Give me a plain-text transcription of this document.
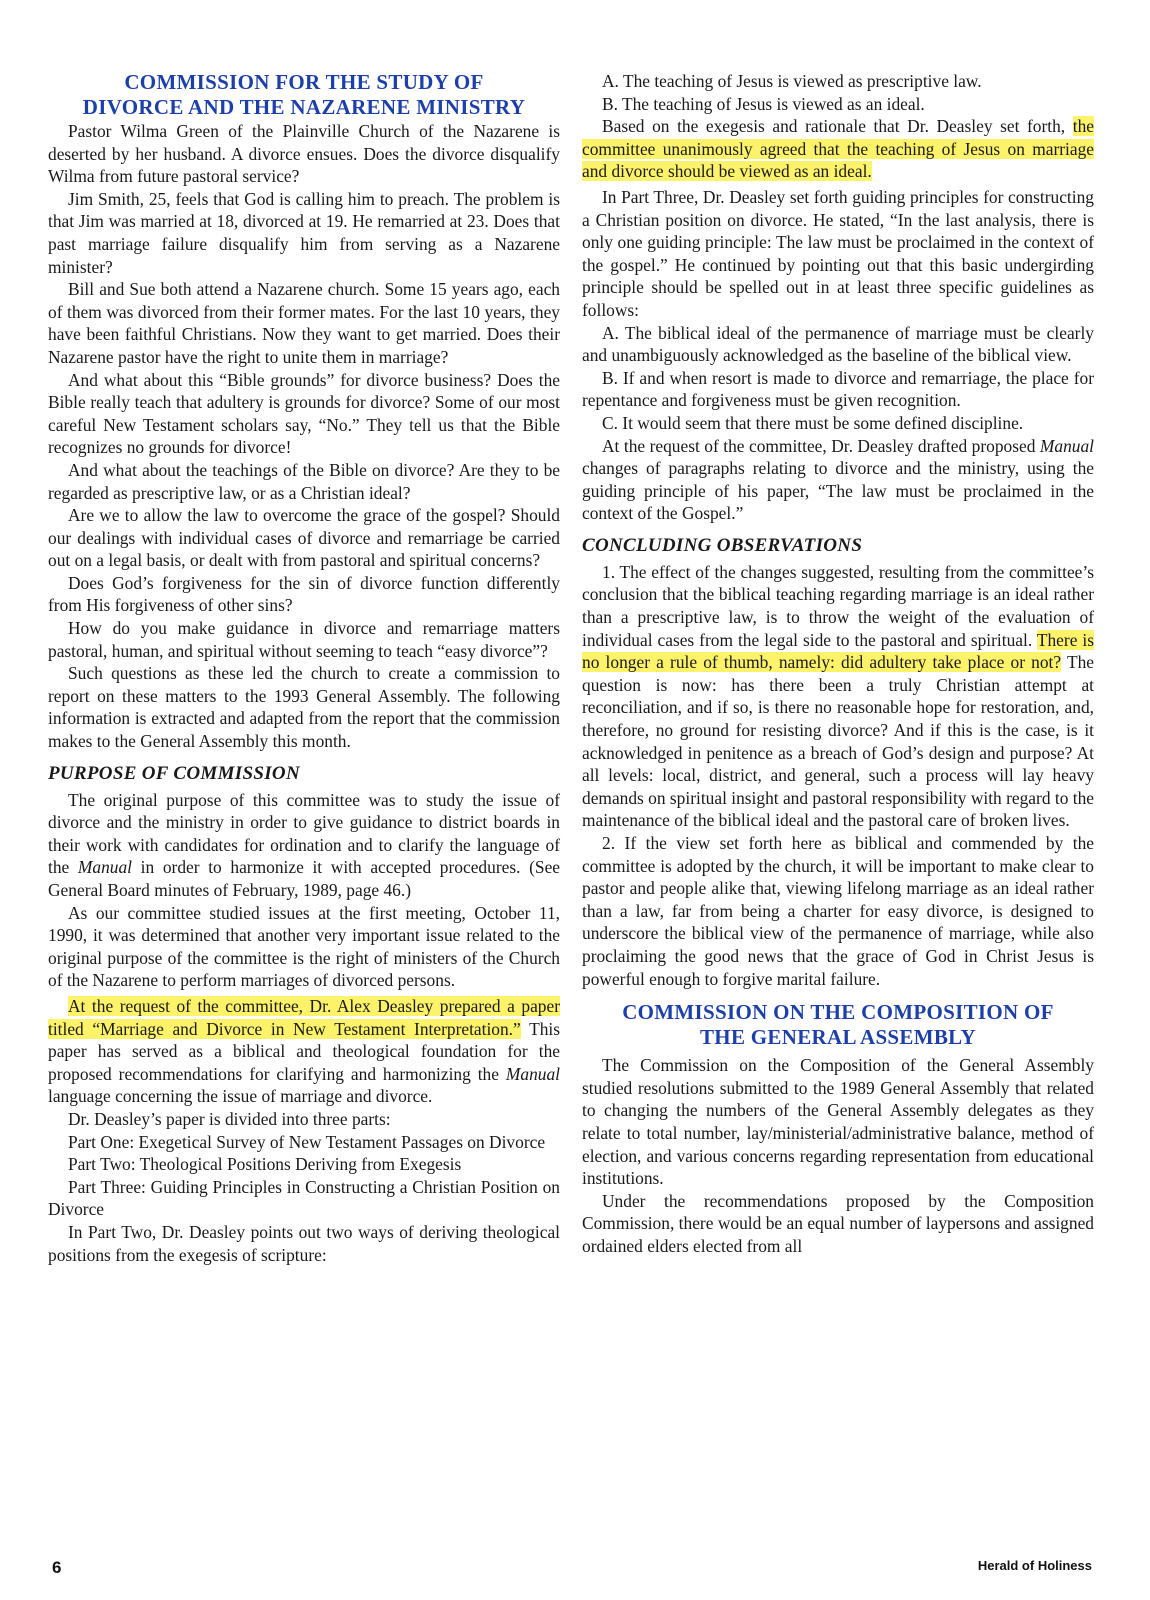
COMMISSION FOR THE STUDY OF
DIVORCE AND THE NAZARENE MINISTRY

Pastor Wilma Green of the Plainville Church of the Nazarene is deserted by her husband. A divorce ensues. Does the divorce disqualify Wilma from future pastoral service?

Jim Smith, 25, feels that God is calling him to preach. The problem is that Jim was married at 18, divorced at 19. He remarried at 23. Does that past marriage failure disqualify him from serving as a Nazarene minister?

Bill and Sue both attend a Nazarene church. Some 15 years ago, each of them was divorced from their former mates. For the last 10 years, they have been faithful Christians. Now they want to get married. Does their Nazarene pastor have the right to unite them in marriage?

And what about this “Bible grounds” for divorce business? Does the Bible really teach that adultery is grounds for divorce? Some of our most careful New Testament scholars say, “No.” They tell us that the Bible recognizes no grounds for divorce!

And what about the teachings of the Bible on divorce? Are they to be regarded as prescriptive law, or as a Christian ideal?

Are we to allow the law to overcome the grace of the gospel? Should our dealings with individual cases of divorce and remarriage be carried out on a legal basis, or dealt with from pastoral and spiritual concerns?

Does God’s forgiveness for the sin of divorce function differently from His forgiveness of other sins?

How do you make guidance in divorce and remarriage matters pastoral, human, and spiritual without seeming to teach “easy divorce”?

Such questions as these led the church to create a commission to report on these matters to the 1993 General Assembly. The following information is extracted and adapted from the report that the commission makes to the General Assembly this month.

PURPOSE OF COMMISSION

The original purpose of this committee was to study the issue of divorce and the ministry in order to give guidance to district boards in their work with candidates for ordination and to clarify the language of the Manual in order to harmonize it with accepted procedures. (See General Board minutes of February, 1989, page 46.)

As our committee studied issues at the first meeting, October 11, 1990, it was determined that another very important issue related to the original purpose of the committee is the right of ministers of the Church of the Nazarene to perform marriages of divorced persons.

At the request of the committee, Dr. Alex Deasley prepared a paper titled “Marriage and Divorce in New Testament Interpretation.” This paper has served as a biblical and theological foundation for the proposed recommendations for clarifying and harmonizing the Manual language concerning the issue of marriage and divorce.

Dr. Deasley’s paper is divided into three parts:

Part One: Exegetical Survey of New Testament Passages on Divorce

Part Two: Theological Positions Deriving from Exegesis

Part Three: Guiding Principles in Constructing a Christian Position on Divorce

In Part Two, Dr. Deasley points out two ways of deriving theological positions from the exegesis of scripture:

A. The teaching of Jesus is viewed as prescriptive law.

B. The teaching of Jesus is viewed as an ideal.

Based on the exegesis and rationale that Dr. Deasley set forth, the committee unanimously agreed that the teaching of Jesus on marriage and divorce should be viewed as an ideal.

In Part Three, Dr. Deasley set forth guiding principles for constructing a Christian position on divorce. He stated, “In the last analysis, there is only one guiding principle: The law must be proclaimed in the context of the gospel.” He continued by pointing out that this basic undergirding principle should be spelled out in at least three specific guidelines as follows:

A. The biblical ideal of the permanence of marriage must be clearly and unambiguously acknowledged as the baseline of the biblical view.

B. If and when resort is made to divorce and remarriage, the place for repentance and forgiveness must be given recognition.

C. It would seem that there must be some defined discipline.

At the request of the committee, Dr. Deasley drafted proposed Manual changes of paragraphs relating to divorce and the ministry, using the guiding principle of his paper, “The law must be proclaimed in the context of the Gospel.”

CONCLUDING OBSERVATIONS

1. The effect of the changes suggested, resulting from the committee’s conclusion that the biblical teaching regarding marriage is an ideal rather than a prescriptive law, is to throw the weight of the evaluation of individual cases from the legal side to the pastoral and spiritual. There is no longer a rule of thumb, namely: did adultery take place or not? The question is now: has there been a truly Christian attempt at reconciliation, and if so, is there no reasonable hope for restoration, and, therefore, no ground for resisting divorce? And if this is the case, is it acknowledged in penitence as a breach of God’s design and purpose? At all levels: local, district, and general, such a process will lay heavy demands on spiritual insight and pastoral responsibility with regard to the maintenance of the biblical ideal and the pastoral care of broken lives.

2. If the view set forth here as biblical and commended by the committee is adopted by the church, it will be important to make clear to pastor and people alike that, viewing lifelong marriage as an ideal rather than a law, far from being a charter for easy divorce, is designed to underscore the biblical view of the permanence of marriage, while also proclaiming the good news that the grace of God in Christ Jesus is powerful enough to forgive marital failure.

COMMISSION ON THE COMPOSITION OF
THE GENERAL ASSEMBLY

The Commission on the Composition of the General Assembly studied resolutions submitted to the 1989 General Assembly that related to changing the numbers of the General Assembly delegates as they relate to total number, lay/ministerial/administrative balance, method of election, and various concerns regarding representation from educational institutions.

Under the recommendations proposed by the Composition Commission, there would be an equal number of laypersons and assigned ordained elders elected from all

6	Herald of Holiness
